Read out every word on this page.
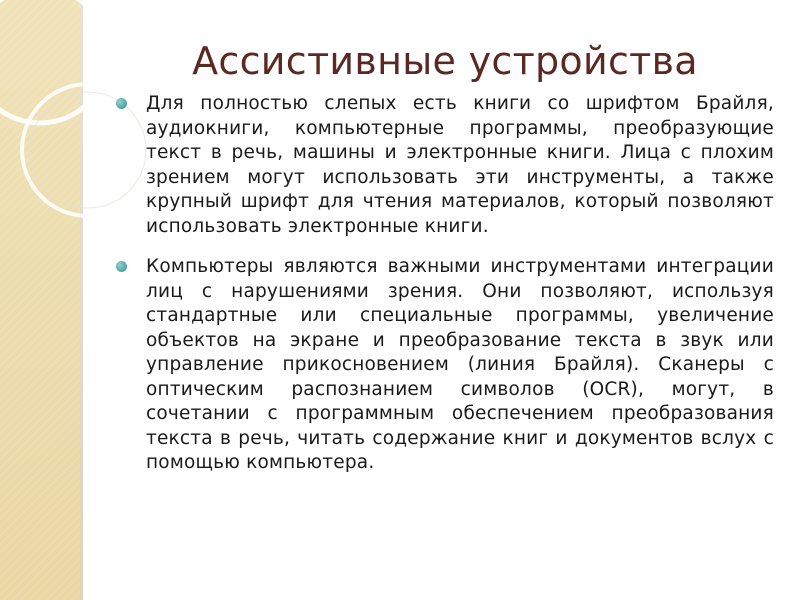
Ассистивные устройства

Для полностью слепых есть книги со шрифтом Брайля, аудиокниги, компьютерные программы, преобразующие текст в речь, машины и электронные книги. Лица с плохим зрением могут использовать эти инструменты, а также крупный шрифт для чтения материалов, который позволяют использовать электронные книги.

Компьютеры являются важными инструментами интеграции лиц с нарушениями зрения. Они позволяют, используя стандартные или специальные программы, увеличение объектов на экране и преобразование текста в звук или управление прикосновением (линия Брайля). Сканеры с оптическим распознанием символов (OCR), могут, в сочетании с программным обеспечением преобразования текста в речь, читать содержание книг и документов вслух с помощью компьютера.
